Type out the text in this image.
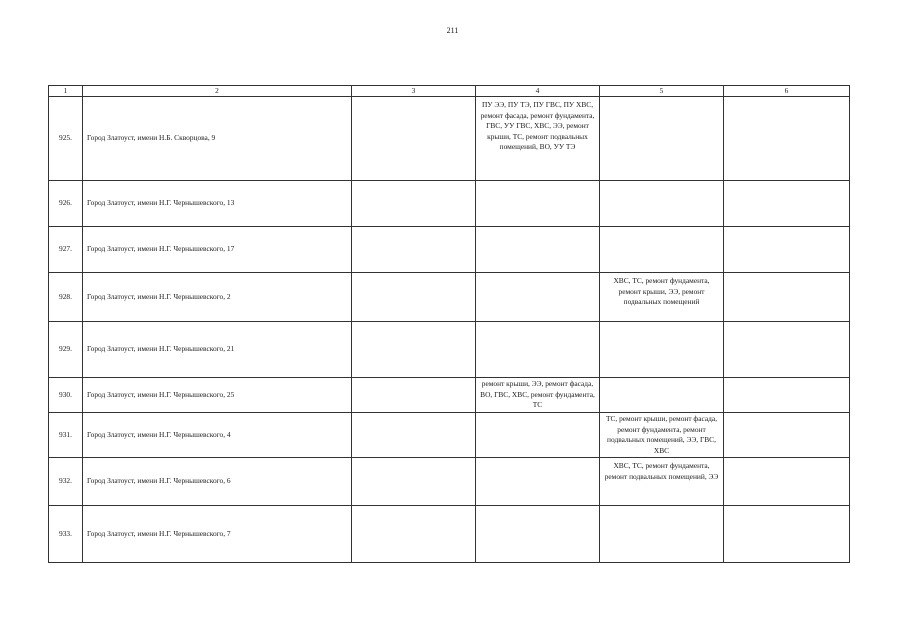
211
1	2	3	4	5	6
925.	Город Златоуст, имени Н.Б. Скворцова, 9		ПУ ЭЭ, ПУ ТЭ, ПУ ГВС, ПУ ХВС, ремонт фасада, ремонт фундамента, ГВС, УУ ГВС, ХВС, ЭЭ, ремонт крыши, ТС, ремонт подвальных помещений, ВО, УУ ТЭ		
926.	Город Златоуст, имени Н.Г. Чернышевского, 13				
927.	Город Златоуст, имени Н.Г. Чернышевского, 17				
928.	Город Златоуст, имени Н.Г. Чернышевского, 2			ХВС, ТС, ремонт фундамента, ремонт крыши, ЭЭ, ремонт подвальных помещений	
929.	Город Златоуст, имени Н.Г. Чернышевского, 21				
930.	Город Златоуст, имени Н.Г. Чернышевского, 25		ремонт крыши, ЭЭ, ремонт фасада, ВО, ГВС, ХВС, ремонт фундамента, ТС		
931.	Город Златоуст, имени Н.Г. Чернышевского, 4			ТС, ремонт крыши, ремонт фасада, ремонт фундамента, ремонт подвальных помещений, ЭЭ, ГВС, ХВС	
932.	Город Златоуст, имени Н.Г. Чернышевского, 6			ХВС, ТС, ремонт фундамента, ремонт подвальных помещений, ЭЭ	
933.	Город Златоуст, имени Н.Г. Чернышевского, 7				
